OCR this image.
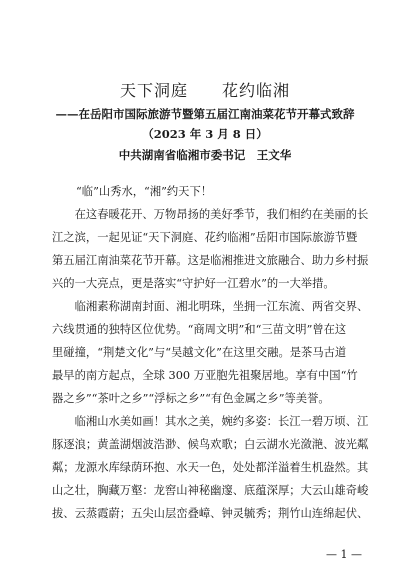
天下洞庭　　花约临湘
——在岳阳市国际旅游节暨第五届江南油菜花节开幕式致辞
（2023 年 3 月 8 日）
中共湖南省临湘市委书记　王文华
“临”山秀水，“湘”约天下！
　　在这春暖花开、万物昂扬的美好季节，我们相约在美丽的长
江之滨，一起见证“天下洞庭、花约临湘”岳阳市国际旅游节暨
第五届江南油菜花节开幕。这是临湘推进文旅融合、助力乡村振
兴的一大亮点，更是落实“守护好一江碧水”的一大举措。
　　临湘素称湖南封面、湘北明珠，坐拥一江东流、两省交界、
六线贯通的独特区位优势。“商周文明”和“三苗文明”曾在这
里碰撞，“荆楚文化”与“吴越文化”在这里交融。是茶马古道
最早的南方起点，全球 300 万亚胞先祖聚居地。享有中国“竹
器之乡”“茶叶之乡”“浮标之乡”“有色金属之乡”等美誉。
　　临湘山水美如画！其水之美，婉约多姿：长江一碧万顷、江
豚逐浪；黄盖湖烟波浩渺、候鸟欢歌；白云湖水光潋滟、波光粼
粼；龙源水库绿荫环抱、水天一色，处处都洋溢着生机盎然。其
山之壮，胸藏万壑：龙窖山神秘幽邃、底蕴深厚；大云山雄奇峻
拔、云蒸霞蔚；五尖山层峦叠嶂、钟灵毓秀；荆竹山连绵起伏、
— 1 —
